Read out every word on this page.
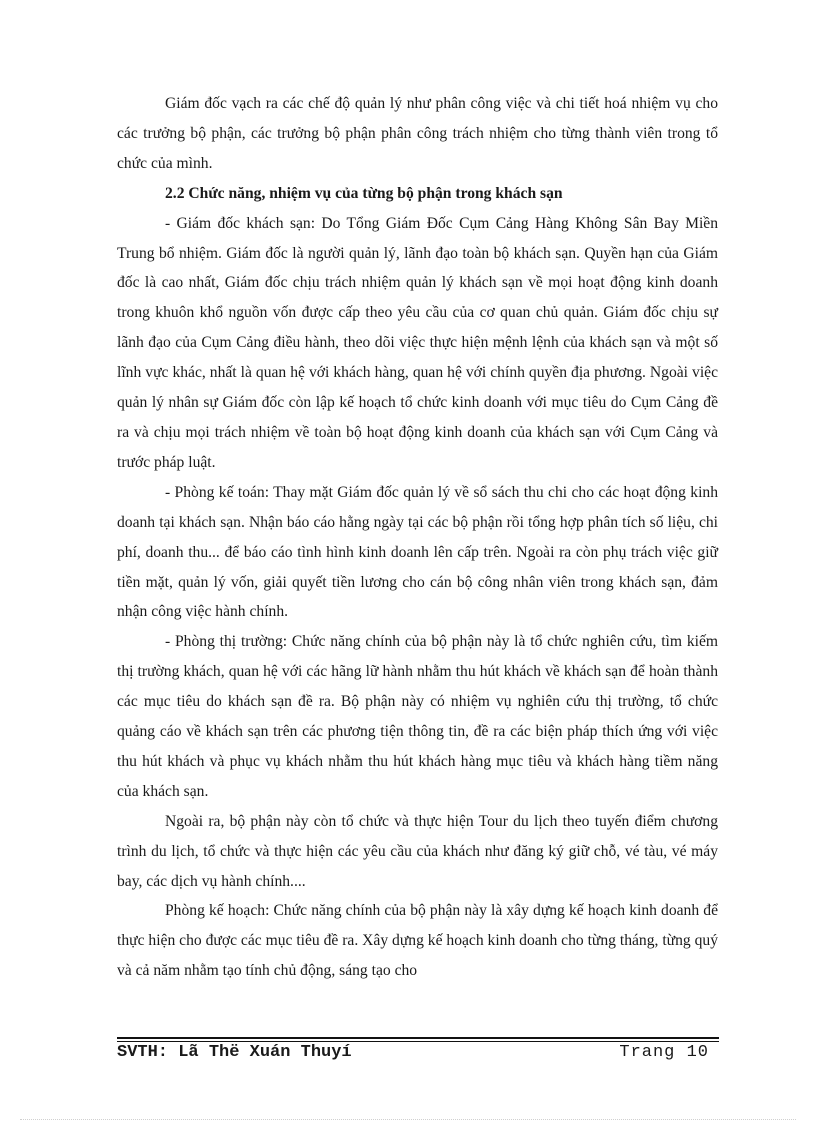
Giám đốc vạch ra các chế độ quản lý như phân công việc và chi tiết hoá nhiệm vụ cho các trưởng bộ phận, các trưởng bộ phận phân công trách nhiệm cho từng thành viên trong tổ chức của mình.

2.2 Chức năng, nhiệm vụ của từng bộ phận trong khách sạn

- Giám đốc khách sạn: Do Tổng Giám Đốc Cụm Cảng Hàng Không Sân Bay Miền Trung bổ nhiệm. Giám đốc là người quản lý, lãnh đạo toàn bộ khách sạn. Quyền hạn của Giám đốc là cao nhất, Giám đốc chịu trách nhiệm quản lý khách sạn về mọi hoạt động kinh doanh trong khuôn khổ nguồn vốn được cấp theo yêu cầu của cơ quan chủ quản. Giám đốc chịu sự lãnh đạo của Cụm Cảng điều hành, theo dõi việc thực hiện mệnh lệnh của khách sạn và một số lĩnh vực khác, nhất là quan hệ với khách hàng, quan hệ với chính quyền địa phương. Ngoài việc quản lý nhân sự Giám đốc còn lập kế hoạch tổ chức kinh doanh với mục tiêu do Cụm Cảng đề ra và chịu mọi trách nhiệm về toàn bộ hoạt động kinh doanh của khách sạn với Cụm Cảng và trước pháp luật.

- Phòng kế toán: Thay mặt Giám đốc quản lý về sổ sách thu chi cho các hoạt động kinh doanh tại khách sạn. Nhận báo cáo hằng ngày tại các bộ phận rồi tổng hợp phân tích số liệu, chi phí, doanh thu... để báo cáo tình hình kinh doanh lên cấp trên. Ngoài ra còn phụ trách việc giữ tiền mặt, quản lý vốn, giải quyết tiền lương cho cán bộ công nhân viên trong khách sạn, đảm nhận công việc hành chính.

- Phòng thị trường: Chức năng chính của bộ phận này là tổ chức nghiên cứu, tìm kiếm thị trường khách, quan hệ với các hãng lữ hành nhằm thu hút khách về khách sạn để hoàn thành các mục tiêu do khách sạn đề ra. Bộ phận này có nhiệm vụ nghiên cứu thị trường, tổ chức quảng cáo về khách sạn trên các phương tiện thông tin, đề ra các biện pháp thích ứng với việc thu hút khách và phục vụ khách nhằm thu hút khách hàng mục tiêu và khách hàng tiềm năng của khách sạn.

Ngoài ra, bộ phận này còn tổ chức và thực hiện Tour du lịch theo tuyến điểm chương trình du lịch, tổ chức và thực hiện các yêu cầu của khách như đăng ký giữ chỗ, vé tàu, vé máy bay, các dịch vụ hành chính....

Phòng kế hoạch: Chức năng chính của bộ phận này là xây dựng kế hoạch kinh doanh để thực hiện cho được các mục tiêu đề ra. Xây dựng kế hoạch kinh doanh cho từng tháng, từng quý và cả năm nhằm tạo tính chủ động, sáng tạo cho

SVTH: Lã Thë Xuán Thuyí	Trang 10
